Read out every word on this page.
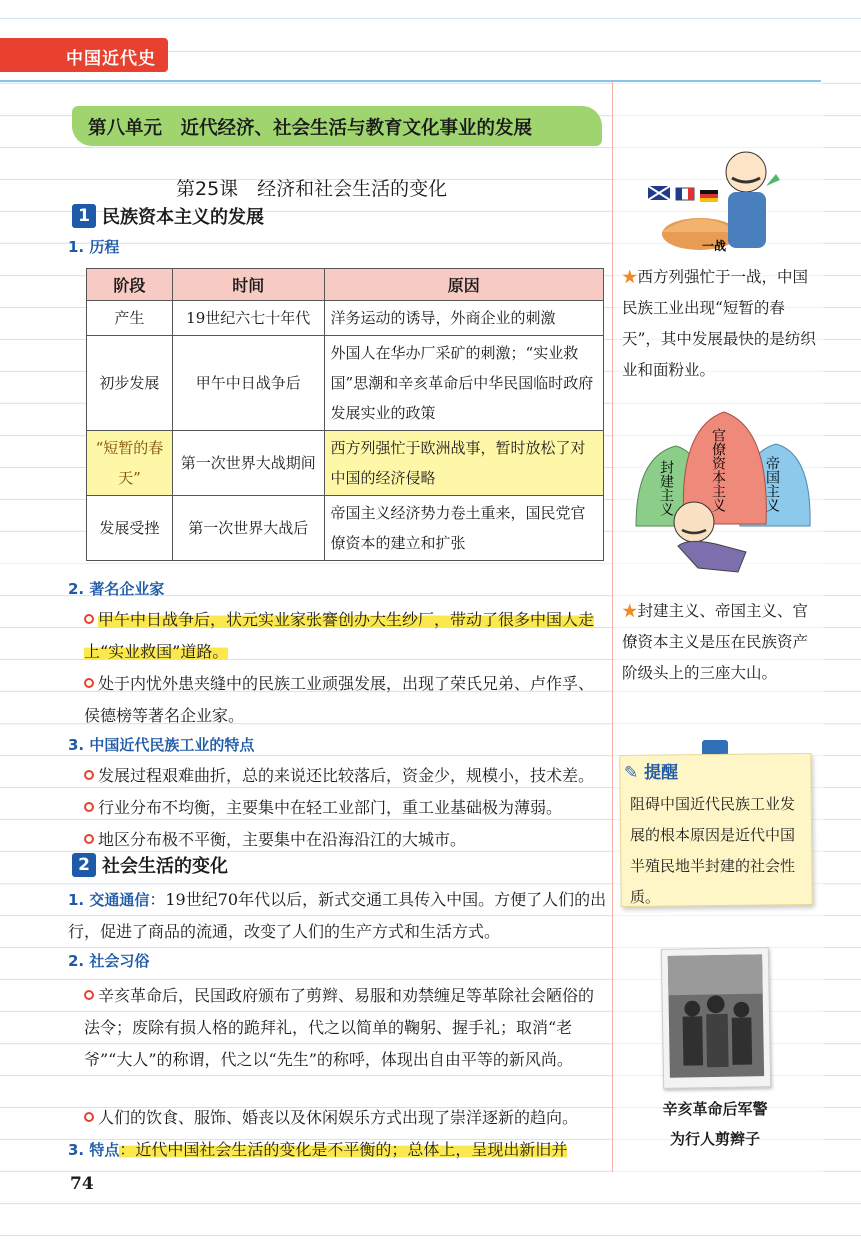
中国近代史
第八单元　近代经济、社会生活与教育文化事业的发展
第25课　经济和社会生活的变化
1 民族资本主义的发展
1. 历程
阶段	时间	原因
产生	19世纪六七十年代	洋务运动的诱导，外商企业的刺激
初步发展	甲午中日战争后	外国人在华办厂采矿的刺激；“实业救国”思潮和辛亥革命后中华民国临时政府发展实业的政策
“短暂的春天”	第一次世界大战期间	西方列强忙于欧洲战事，暂时放松了对中国的经济侵略
发展受挫	第一次世界大战后	帝国主义经济势力卷土重来，国民党官僚资本的建立和扩张
2. 著名企业家
甲午中日战争后，状元实业家张謇创办大生纱厂，带动了很多中国人走上“实业救国”道路。
处于内忧外患夹缝中的民族工业顽强发展，出现了荣氏兄弟、卢作孚、侯德榜等著名企业家。
3. 中国近代民族工业的特点
发展过程艰难曲折，总的来说还比较落后，资金少，规模小，技术差。
行业分布不均衡，主要集中在轻工业部门，重工业基础极为薄弱。
地区分布极不平衡，主要集中在沿海沿江的大城市。
2 社会生活的变化
1. 交通通信：19世纪70年代以后，新式交通工具传入中国。方便了人们的出行，促进了商品的流通，改变了人们的生产方式和生活方式。
2. 社会习俗
辛亥革命后，民国政府颁布了剪辫、易服和劝禁缠足等革除社会陋俗的法令；废除有损人格的跪拜礼，代之以简单的鞠躬、握手礼；取消“老爷”“大人”的称谓，代之以“先生”的称呼，体现出自由平等的新风尚。
人们的饮食、服饰、婚丧以及休闲娱乐方式出现了崇洋逐新的趋向。
3. 特点：近代中国社会生活的变化是不平衡的；总体上，呈现出新旧并
一战
★西方列强忙于一战，中国民族工业出现“短暂的春天”，其中发展最快的是纺织业和面粉业。
封建主义	官僚资本主义	帝国主义
★封建主义、帝国主义、官僚资本主义是压在民族资产阶级头上的三座大山。
✎ 提醒
阻碍中国近代民族工业发展的根本原因是近代中国半殖民地半封建的社会性质。
辛亥革命后军警
为行人剪辫子
74
